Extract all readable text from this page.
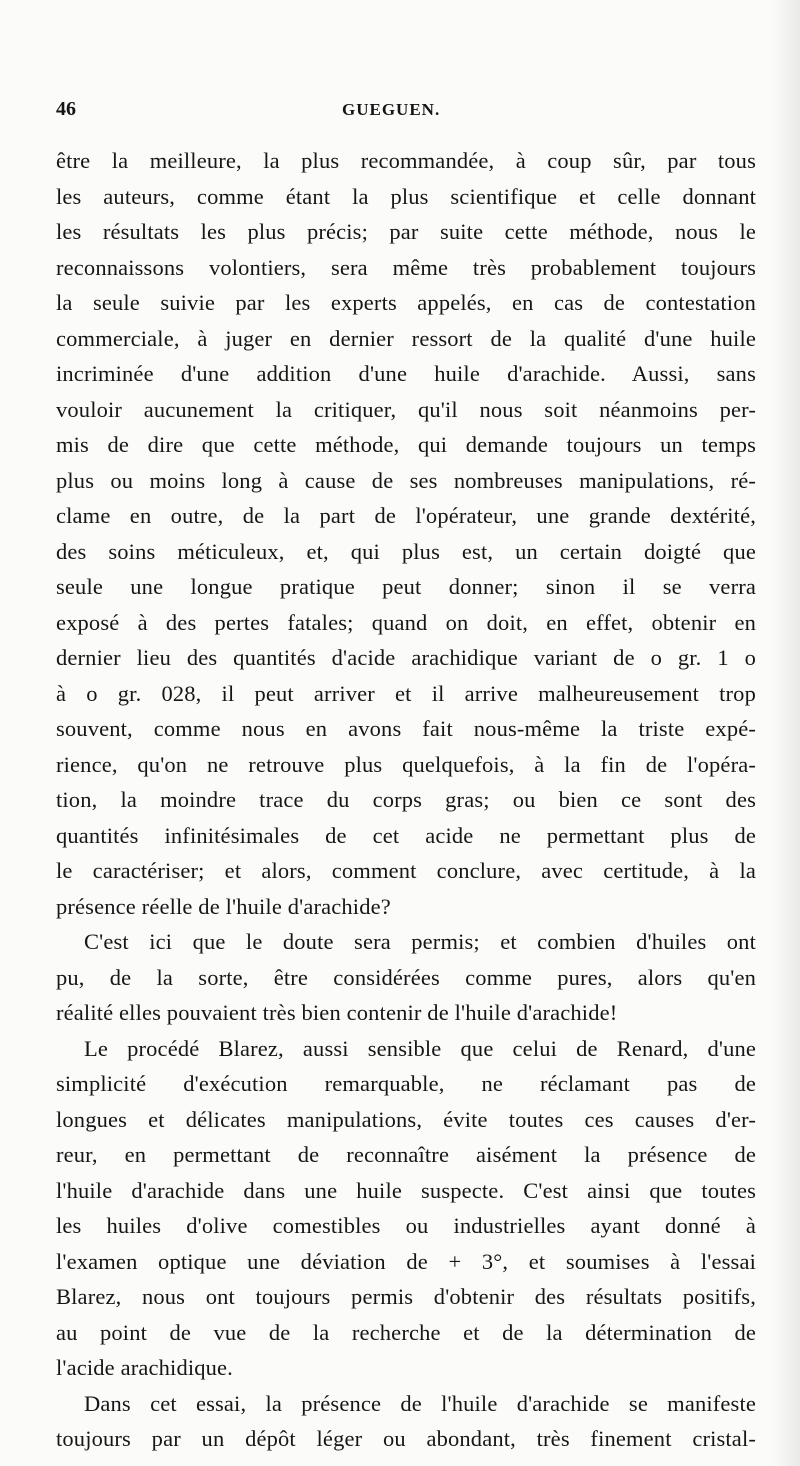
46	GUEGUEN.
être la meilleure, la plus recommandée, à coup sûr, par tous
les auteurs, comme étant la plus scientifique et celle donnant
les résultats les plus précis; par suite cette méthode, nous le
reconnaissons volontiers, sera même très probablement toujours
la seule suivie par les experts appelés, en cas de contestation
commerciale, à juger en dernier ressort de la qualité d'une huile
incriminée d'une addition d'une huile d'arachide. Aussi, sans
vouloir aucunement la critiquer, qu'il nous soit néanmoins per-
mis de dire que cette méthode, qui demande toujours un temps
plus ou moins long à cause de ses nombreuses manipulations, ré-
clame en outre, de la part de l'opérateur, une grande dextérité,
des soins méticuleux, et, qui plus est, un certain doigté que
seule une longue pratique peut donner; sinon il se verra
exposé à des pertes fatales; quand on doit, en effet, obtenir en
dernier lieu des quantités d'acide arachidique variant de o gr. 1 o
à o gr. 028, il peut arriver et il arrive malheureusement trop
souvent, comme nous en avons fait nous-même la triste expé-
rience, qu'on ne retrouve plus quelquefois, à la fin de l'opéra-
tion, la moindre trace du corps gras; ou bien ce sont des
quantités infinitésimales de cet acide ne permettant plus de
le caractériser; et alors, comment conclure, avec certitude, à la
présence réelle de l'huile d'arachide?
C'est ici que le doute sera permis; et combien d'huiles ont
pu, de la sorte, être considérées comme pures, alors qu'en
réalité elles pouvaient très bien contenir de l'huile d'arachide!
Le procédé Blarez, aussi sensible que celui de Renard, d'une
simplicité d'exécution remarquable, ne réclamant pas de
longues et délicates manipulations, évite toutes ces causes d'er-
reur, en permettant de reconnaître aisément la présence de
l'huile d'arachide dans une huile suspecte. C'est ainsi que toutes
les huiles d'olive comestibles ou industrielles ayant donné à
l'examen optique une déviation de + 3°, et soumises à l'essai
Blarez, nous ont toujours permis d'obtenir des résultats positifs,
au point de vue de la recherche et de la détermination de
l'acide arachidique.
Dans cet essai, la présence de l'huile d'arachide se manifeste
toujours par un dépôt léger ou abondant, très finement cristal-
